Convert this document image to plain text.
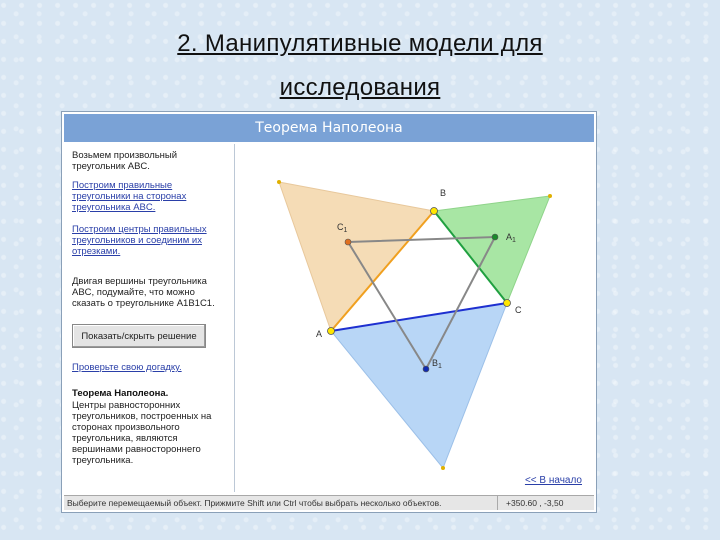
2. Манипулятивные модели для
исследования
Теорема Наполеона

Возьмем произвольный треугольник ABC.

Построим правильные треугольники на сторонах треугольника ABC.

Построим центры правильных треугольников и соединим их отрезками.

Двигая вершины треугольника ABC, подумайте, что можно сказать о треугольнике A1B1C1.

Показать/скрыть решение

Проверьте свою догадку.

Теорема Наполеона.

Центры равносторонних треугольников, построенных на сторонах произвольного треугольника, являются вершинами равностороннего треугольника.

A
B
C
$C_1$
$A_1$
$B_1$
<< В начало
Выберите перемещаемый объект. Прижмите Shift или Ctrl чтобы выбрать несколько объектов.	+350.60 , -3,50
